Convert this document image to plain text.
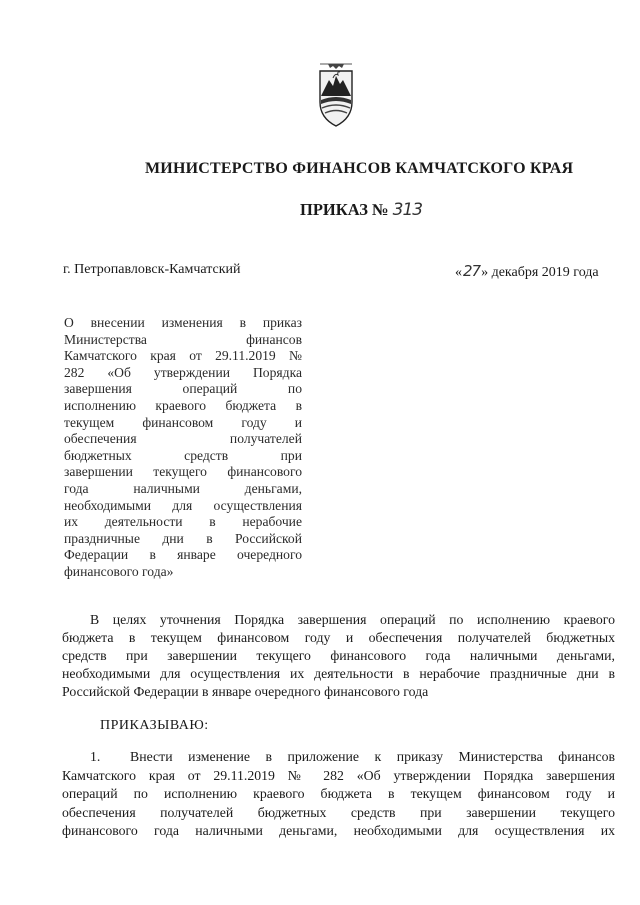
МИНИСТЕРСТВО ФИНАНСОВ КАМЧАТСКОГО КРАЯ
ПРИКАЗ № 313
г. Петропавловск-Камчатский	«27» декабря 2019 года
О внесении изменения в приказ
Министерства финансов
Камчатского края от 29.11.2019 №
282 «Об утверждении Порядка
завершения операций по
исполнению краевого бюджета в
текущем финансовом году и
обеспечения получателей
бюджетных средств при
завершении текущего финансового
года наличными деньгами,
необходимыми для осуществления
их деятельности в нерабочие
праздничные дни в Российской
Федерации в январе очередного
финансового года»
В целях уточнения Порядка завершения операций по исполнению краевого
бюджета в текущем финансовом году и обеспечения получателей бюджетных
средств при завершении текущего финансового года наличными деньгами,
необходимыми для осуществления их деятельности в нерабочие праздничные дни в
Российской Федерации в январе очередного финансового года
ПРИКАЗЫВАЮ:
1. Внести изменение в приложение к приказу Министерства финансов
Камчатского края от 29.11.2019 № 282 «Об утверждении Порядка завершения
операций по исполнению краевого бюджета в текущем финансовом году и
обеспечения получателей бюджетных средств при завершении текущего
финансового года наличными деньгами, необходимыми для осуществления их
